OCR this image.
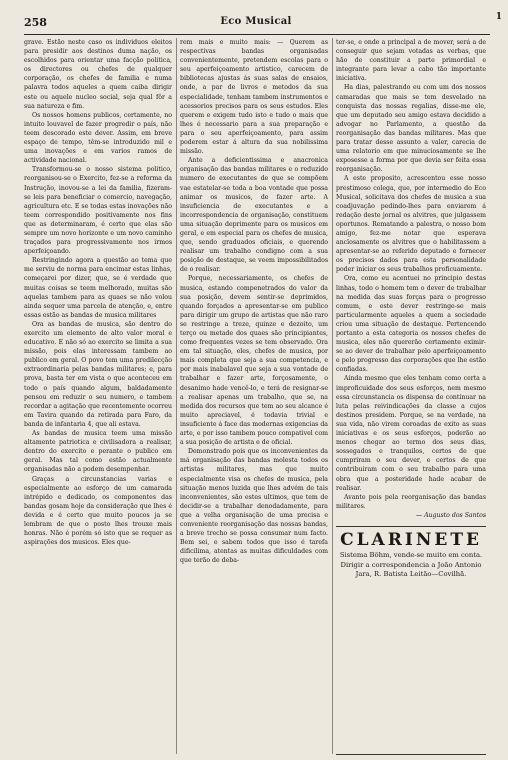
258	Eco Musical	1

grave. Estão neste caso os individuos eleitos para presidir aos destinos duma nação, os escolhidos para orientar uma facção politica, os directores ou chefes de qualquer corporação, os chefes de familia e numa palavra todos aqueles a quem caiba dirigir este ou aquele nucleo social, seja qual fôr a sua natureza e fim.

Os nossos homens publicos, certamente, no intuito louvavel de fazer progredir o país, não teem descorado este dever. Assim, em breve espaço de tempo, têm-se introduzido mil e uma inovações e em varios ramos de actividade nacional.

Transformou-se o nosso sistema politico, reorganisou-se o Exercito, fez-se a reforma da Instrução, inovou-se a lei da familia, fizeram-se leis para beneficiar o comercio, navegação, agricultura etc. E se todas estas inovações não teem correspondido positivamente nos fins que as determinaram, é certo que elas são sempre um novo horizonte e um novo caminho traçados para progressivamente nos irmos aperfeiçoando.

Restringindo agora a questão ao tema que me serviu de norma para encimar estas linhas, começarei por dizer, que, se é verdade que muitas coisas se teem melhorado, muitas são aquelas tambem para as quaes se não volou ainda sequer uma parcela de atenção, e, entre essas estão as bandas de musica militares

Ora as bandas de musica, são dentro do exercito um elemento de alto valor moral e educativo. E não só ao exercito se limita a sua missão, pois elas interessam tambem ao publico em geral. O povo tem uma predilecção extraordinaria pelas bandas militares; e, para prova, basta ter em vista o que aconteceu em todo o país quando algum, baldadamente pensou em reduzir o seu numero, e tambem recordar a agitação que recentemente ocorreu em Tavira quando da retirada para Faro, da banda de infantaria 4, que ali estava.

As bandas de musica teem uma missão altamente patriotica e civilisadora a realisar, dentro do exercito e perante o publico em geral. Mas tal como estão actualmente organisadas não a podem desempenhar.

Graças a circunstancias varias e especialmente ao esforço de um camarada intrépido e dedicado, os componentes das bandas gosam hoje da consideração que lhes é devida e é certo que muito poucos ja se lembram de que o posto lhes trouxe mais honras. Não é porém só isto que se requer as aspirações dos musicos. Eles que-

rem mais e muito mais: — Querem as respectivas bandas organisadas convenientemente, pretendem escolas para o seu aperfeiçoamento artistico, carecem de bibliotecas ajustas ás suas salas de ensaios, onde, a par de livros e metodos da sua especialidade, tenham tambem instrumentos e acessorios precisos para os seus estudos. Eles querem e exigem tudo isto e tudo o mais que lhes é necessario para a sua preparação e para o seu aperfeiçoamento, para assim poderem estar á altura da sua nobilissima missão.

Ante a deficientissima e anacronica organisação das bandas militares e o reduzido numero de executantes de que se compõem vae estatelar-se toda a boa vontade que possa animar os musicos, de fazer arte. A insuficiencia de executantes e a incorrespondencia de organisação, constituem uma situação deprimente para os musicos em geral, e em especial para os chefes de musica, que, sendo graduados oficiais, e querendo realisar um trabalho condigno com a sua posição de destaque, se veem impossibilitados de o realisar.

Porque, necessariamente, os chefes de musica, estando compenetrados do valor da sua posição, devem sentir-se deprimidos, quando forçados a apresentar-se em publico para dirigir um grupo de artistas que não raro se restringe a treze, quinze e dezoito, um terço ou metade dos quaes são principiantes, como frequentes vezes se tem observado. Ora em tal situação, eles, chefes de musica, por mais completa que seja a sua competencia, e por mais inabalavel que seja a sua vontade de trabalhar e fazer arte, forçosamente, o desanimo hade vencê-lo, e terá de resignar-se a realisar apenas um trabalho, que se, na medida dos recursos que tem ao seu alcance é muito apreciavel, é todavia trivial e insuficiente á face das modernas exigencias da arte, e por isso tambem pouco compativel com a sua posição de artista e de oficial.

Demonstrado pois que os inconvenientes da má organisação das bandas molesta todos os artistas militares, mas que muito especialmente visa os chefes de musica, pela situação menos luzida que lhes advém de tais inconvenientes, são estes ultimos, que tem de decidir-se a trabalhar denodadamente, para que a velha organisação de uma precisa e conveniente reorganisação das nossas bandas, a breve trecho se possa consumar num facto. Bem sei, e sabem todos que isso é tarefa dificilima, atentas as muitas dificuldades com que terão de deba-

ter-se, e onde a principal a de mover, será a de conseguir que sejam votadas as verbas, que hão de constituir a parte primordial e integrante para levar a cabo tão importante iniciativa.

Ha dias, palestrando eu com um dos nossos camaradas que mais se tem desvelado na conquista das nossas regalias, disse-me ele, que um deputado seu amigo estava decidido a advogar no Parlamento, a questão da reorganisação das bandas militares. Mas que para tratar desse assunto a valer, carecia de uma relatorio em que minuciosamente se lhe exposesse a forma por que devia ser feita essa reorganisação.

A este proposito, acrescentou esse nosso prestimoso colega, que, por intermedio do Eco Musical, solicitava dos chefes de musica a sua coadjuvação pedindo-lhes para enviarem á redação deste jornal os alvitres, que julgassem oportunos. Rematando a palestra, o nosso bom amigo, fez-me notar que esperava ancïosamente os alvitres que o habilitassem a apresentar-se ao referido deputado e fornecer os precisos dados para esta personalidade poder iniciar os seus trabalhos proficuamente.

Ora, como eu acentuei no principio destas linhas, todo o homem tem o dever de trabalhar na medida das suas forças para o progresso comum, e este dever restringe-se mais particularmente aqueles a quem a sociedade criou uma situação de destaque. Pertencendo portanto a esta categoria os nossos chefes de musica, eles não quererão certamente eximir-se ao dever de trabalhar pelo aperfeiçoamento e pelo progresso das corporações que lhe estão confiadas.

Ainda mesmo que eles tenham como certa a improficuidade dos seus esforços, nem mesmo essa circunstancia os dispensa de continuar na luta pelas reivindicações da classe a cujos destinos presidem. Porque, se na verdade, na sua vida, não virem coroadas de exito as suas iniciativas e os seus esforços, poderão ao menos chegar ao termo dos seus dias, sossegados e tranquilos, certos de que cumpriram o seu dever, e certos de que contribuiram com o seu trabalho para uma obra que a posteridade hade acabar de realisar.

Avante pois pela reorganisação das bandas militares.

— Augusto dos Santos

CLARINETE
Sistema Böhm, vende-se muito em conta. Dirigir a correspondencia a João Antonio Jara, R. Batista Leitão—Covilhã.
